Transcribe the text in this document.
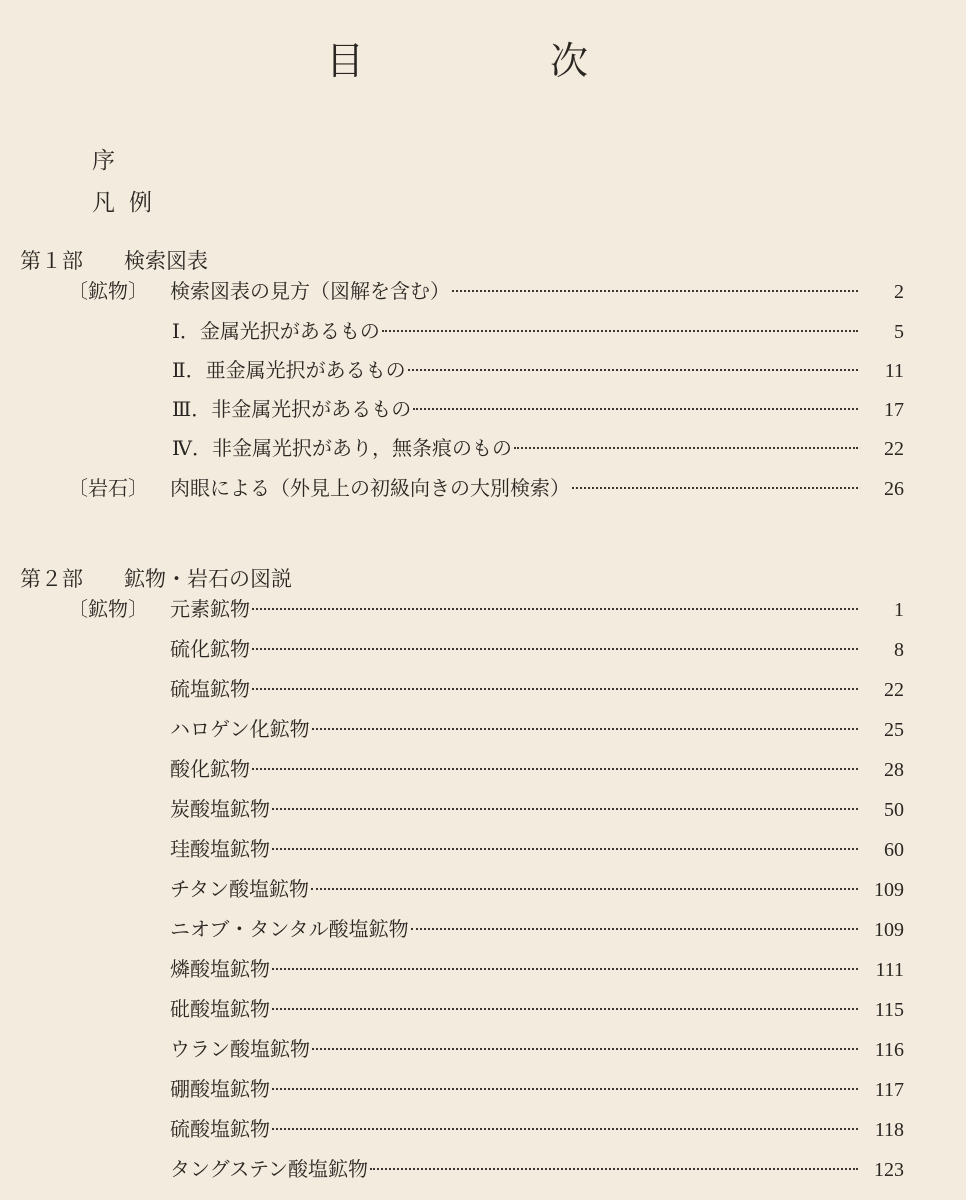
目	次
序
凡例
第１部 検索図表
〔鉱物〕	検索図表の見方（図解を含む）	2
Ⅰ．金属光択があるもの	5
Ⅱ．亜金属光択があるもの	11
Ⅲ．非金属光択があるもの	17
Ⅳ．非金属光択があり，無条痕のもの	22
〔岩石〕	肉眼による（外見上の初級向きの大別検索）	26
第２部 鉱物・岩石の図説
〔鉱物〕	元素鉱物	1
硫化鉱物	8
硫塩鉱物	22
ハロゲン化鉱物	25
酸化鉱物	28
炭酸塩鉱物	50
珪酸塩鉱物	60
チタン酸塩鉱物	109
ニオブ・タンタル酸塩鉱物	109
燐酸塩鉱物	111
砒酸塩鉱物	115
ウラン酸塩鉱物	116
硼酸塩鉱物	117
硫酸塩鉱物	118
タングステン酸塩鉱物	123
